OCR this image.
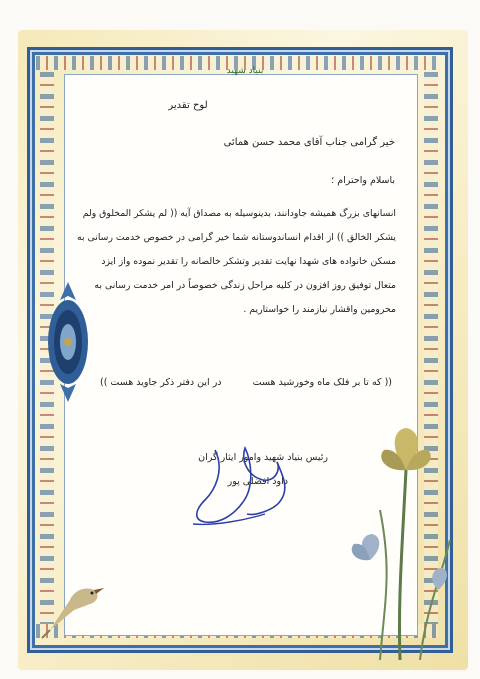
بنیاد شهید
لوح تقدیر
خیر گرامی جناب آقای محمد حسن همائی
باسلام واحترام ؛
انسانهای بزرگ همیشه جاودانند، بدینوسیله به مصداق آیه (( لم یشکر المخلوق ولم
یشکر الخالق )) از اقدام انساندوستانه شما خیر گرامی در خصوص خدمت رسانی به
مسکن خانواده های شهدا نهایت تقدیر وتشکر خالصانه را تقدیر نموده واز ایزد
متعال توفیق روز افزون در کلیه مراحل زندگی خصوصاً در امر خدمت رسانی به
محرومین واقشار نیازمند را خواستاریم .
(( که تا بر فلک ماه وخورشید هست
در این دفتر ذکر جاوید هست ))
رئیس بنیاد شهید وامور ایثار گران
داود افضلی پور
